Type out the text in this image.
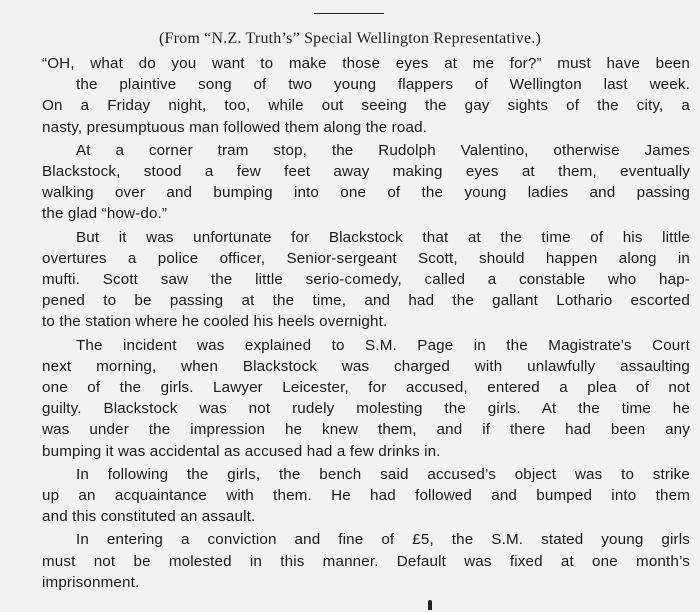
(From “N.Z. Truth’s” Special Wellington Representative.)

“OH, what do you want to make those eyes at me for?” must have been
the plaintive song of two young flappers of Wellington last week.
On a Friday night, too, while out seeing the gay sights of the city, a
nasty, presumptuous man followed them along the road.

At a corner tram stop, the Rudolph Valentino, otherwise James
Blackstock, stood a few feet away making eyes at them, eventually
walking over and bumping into one of the young ladies and passing
the glad “how-do.”

But it was unfortunate for Blackstock that at the time of his little
overtures a police officer, Senior-sergeant Scott, should happen along in
mufti. Scott saw the little serio-comedy, called a constable who hap-
pened to be passing at the time, and had the gallant Lothario escorted
to the station where he cooled his heels overnight.

The incident was explained to S.M. Page in the Magistrate’s Court
next morning, when Blackstock was charged with unlawfully assaulting
one of the girls. Lawyer Leicester, for accused, entered a plea of not
guilty. Blackstock was not rudely molesting the girls. At the time he
was under the impression he knew them, and if there had been any
bumping it was accidental as accused had a few drinks in.

In following the girls, the bench said accused’s object was to strike
up an acquaintance with them. He had followed and bumped into them
and this constituted an assault.

In entering a conviction and fine of £5, the S.M. stated young girls
must not be molested in this manner. Default was fixed at one month’s
imprisonment.
